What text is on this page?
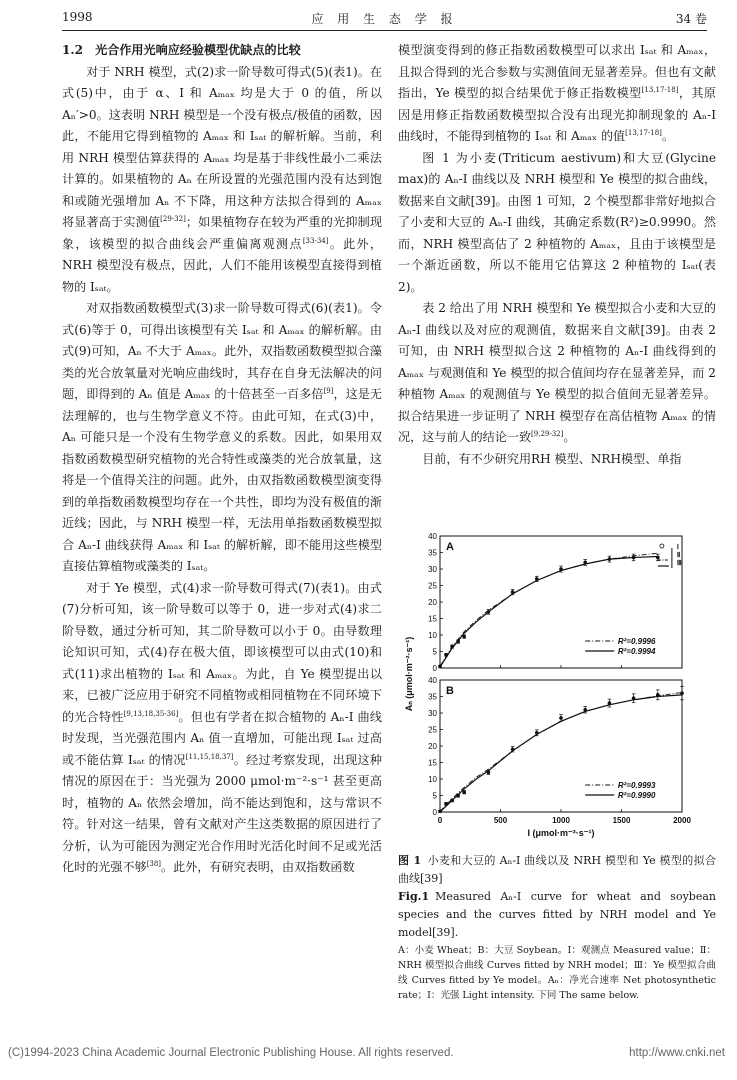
1998	应 用 生 态 学 报	34 卷

1.2　光合作用光响应经验模型优缺点的比较

对于 NRH 模型，式(2)求一阶导数可得式(5)(表1)。在式(5)中，由于 α、I 和 Aₘₐₓ 均是大于 0 的值，所以 Aₙ′>0。这表明 NRH 模型是一个没有极点/极值的函数，因此，不能用它得到植物的 Aₘₐₓ 和 Iₛₐₜ 的解析解。当前，利用 NRH 模型估算获得的 Aₘₐₓ 均是基于非线性最小二乘法计算的。如果植物的 Aₙ 在所设置的光强范围内没有达到饱和或随光强增加 Aₙ 不下降，用这种方法拟合得到的 Aₘₐₓ 将显著高于实测值[29-32]；如果植物存在较为严重的光抑制现象，该模型的拟合曲线会严重偏离观测点[33-34]。此外，NRH 模型没有极点，因此，人们不能用该模型直接得到植物的 Iₛₐₜ。

对双指数函数模型式(3)求一阶导数可得式(6)(表1)。令式(6)等于 0，可得出该模型有关 Iₛₐₜ 和 Aₘₐₓ 的解析解。由式(9)可知，Aₙ 不大于 Aₘₐₓ。此外，双指数函数模型拟合藻类的光合放氧量对光响应曲线时，其存在自身无法解决的问题，即得到的 Aₙ 值是 Aₘₐₓ 的十倍甚至一百多倍[9]，这是无法理解的，也与生物学意义不符。由此可知，在式(3)中，Aₙ 可能只是一个没有生物学意义的系数。因此，如果用双指数函数模型研究植物的光合特性或藻类的光合放氧量，这将是一个值得关注的问题。此外，由双指数函数模型演变得到的单指数函数模型均存在一个共性，即均为没有极值的渐近线；因此，与 NRH 模型一样，无法用单指数函数模型拟合 Aₙ-I 曲线获得 Aₘₐₓ 和 Iₛₐₜ 的解析解，即不能用这些模型直接估算植物或藻类的 Iₛₐₜ。

对于 Ye 模型，式(4)求一阶导数可得式(7)(表1)。由式(7)分析可知，该一阶导数可以等于 0，进一步对式(4)求二阶导数，通过分析可知，其二阶导数可以小于 0。由导数理论知识可知，式(4)存在极大值，即该模型可以由式(10)和式(11)求出植物的 Iₛₐₜ 和 Aₘₐₓ。为此，自 Ye 模型提出以来，已被广泛应用于研究不同植物或相同植物在不同环境下的光合特性[9,13,18,35-36]。但也有学者在拟合植物的 Aₙ-I 曲线时发现，当光强范围内 Aₙ 值一直增加，可能出现 Iₛₐₜ 过高或不能估算 Iₛₐₜ 的情况[11,15,18,37]。经过考察发现，出现这种情况的原因在于：当光强为 2000 μmol·m⁻²·s⁻¹ 甚至更高时，植物的 Aₙ 依然会增加，尚不能达到饱和，这与常识不符。针对这一结果，曾有文献对产生这类数据的原因进行了分析，认为可能因为测定光合作用时光活化时间不足或光活化时的光强不够[38]。此外，有研究表明，由双指数函数

模型演变得到的修正指数函数模型可以求出 Iₛₐₜ 和 Aₘₐₓ，且拟合得到的光合参数与实测值间无显著差异。但也有文献指出，Ye 模型的拟合结果优于修正指数模型[13,17-18]，其原因是用修正指数函数模型拟合没有出现光抑制现象的 Aₙ-I 曲线时，不能得到植物的 Iₛₐₜ 和 Aₘₐₓ 的值[13,17-18]。

图 1 为小麦(Triticum aestivum)和大豆(Glycine max)的 Aₙ-I 曲线以及 NRH 模型和 Ye 模型的拟合曲线，数据来自文献[39]。由图 1 可知，2 个模型都非常好地拟合了小麦和大豆的 Aₙ-I 曲线，其确定系数(R²)≥0.9990。然而，NRH 模型高估了 2 种植物的 Aₘₐₓ，且由于该模型是一个渐近函数，所以不能用它估算这 2 种植物的 Iₛₐₜ(表2)。

表 2 给出了用 NRH 模型和 Ye 模型拟合小麦和大豆的 Aₙ-I 曲线以及对应的观测值，数据来自文献[39]。由表 2 可知，由 NRH 模型拟合这 2 种植物的 Aₙ-I 曲线得到的 Aₘₐₓ 与观测值和 Ye 模型的拟合值间均存在显著差异，而 2 种植物 Aₘₐₓ 的观测值与 Ye 模型的拟合值间无显著差异。拟合结果进一步证明了 NRH 模型存在高估植物 Aₘₐₓ 的情况，这与前人的结论一致[9,29-32]。

目前，有不少研究用RH 模型、NRH模型、单指

0
5
10
15
20
25
30
35
40
A
R²=0.9996
R²=0.9994
Ⅰ
Ⅱ
Ⅲ
0
5
10
15
20
25
30
35
40
0	500	1000	1500	2000
B
R²=0.9993
R²=0.9990
Aₙ (μmol·m⁻²·s⁻¹)
I (μmol·m⁻²·s⁻¹)

图 1 小麦和大豆的 Aₙ-I 曲线以及 NRH 模型和 Ye 模型的拟合曲线[39]

Fig.1 Measured Aₙ-I curve for wheat and soybean species and the curves fitted by NRH model and Ye model[39].

A：小麦 Wheat；B：大豆 Soybean。Ⅰ：观测点 Measured value；Ⅱ：NRH 模型拟合曲线 Curves fitted by NRH model；Ⅲ：Ye 模型拟合曲线 Curves fitted by Ye model。Aₙ：净光合速率 Net photosynthetic rate；I：光强 Light intensity. 下同 The same below.

(C)1994-2023 China Academic Journal Electronic Publishing House. All rights reserved.	http://www.cnki.net
